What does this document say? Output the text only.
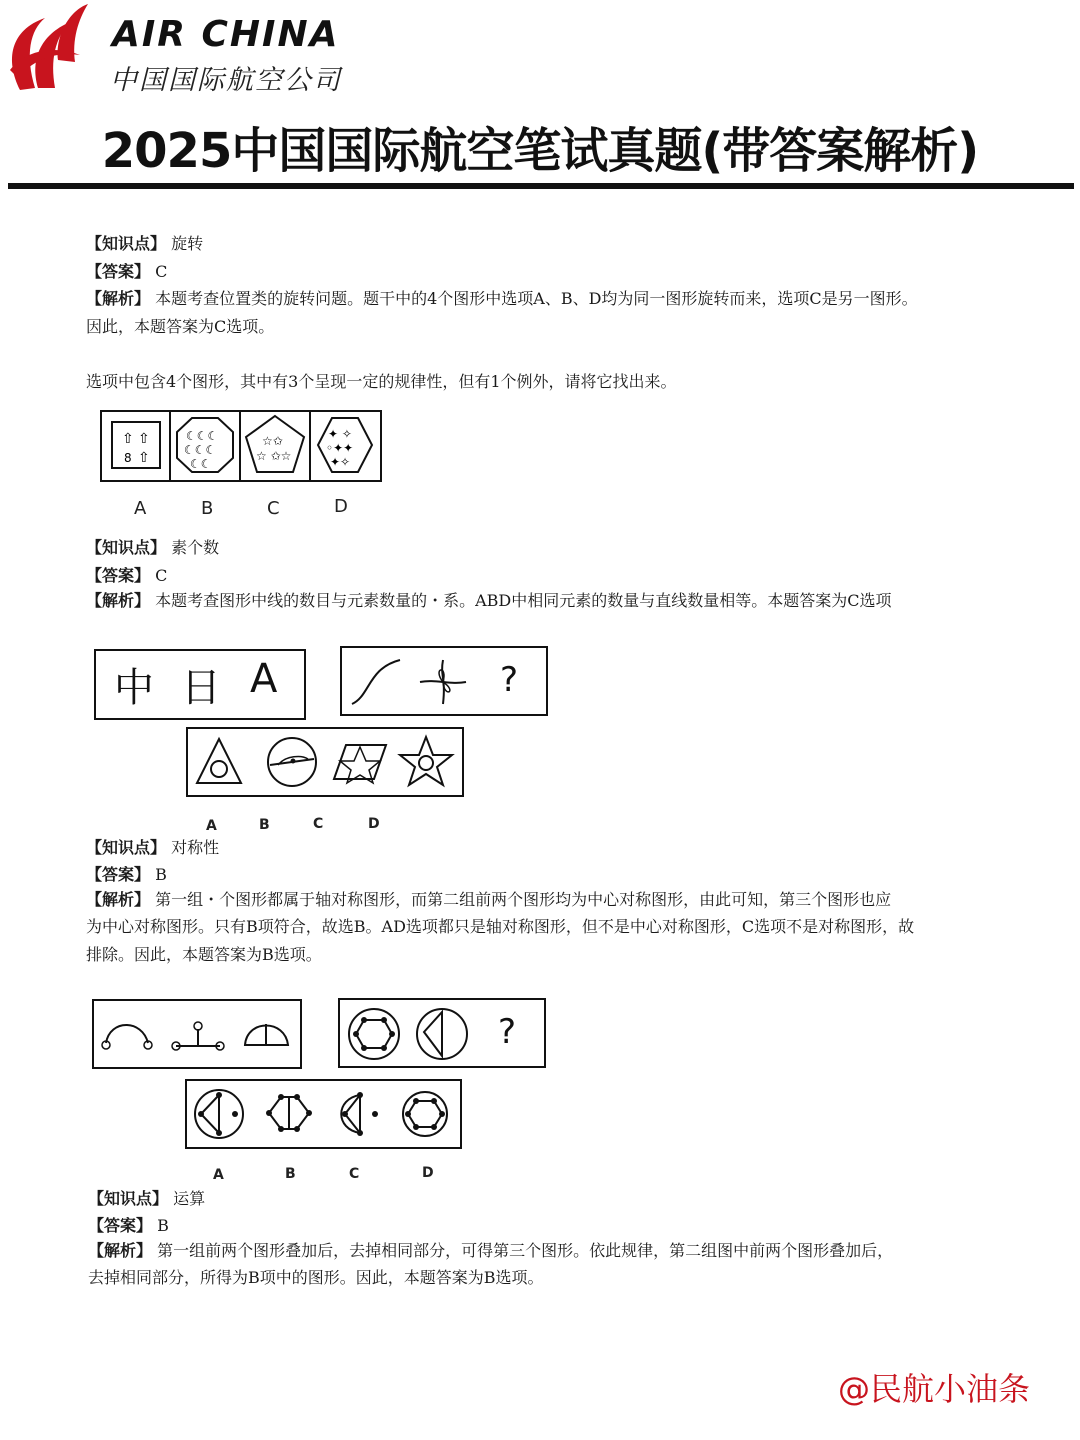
AIR CHINA
中国国际航空公司
2025中国国际航空笔试真题(带答案解析)
【知识点】 旋转
【答案】 C
【解析】 本题考查位置类的旋转问题。题干中的4个图形中选项A、B、D均为同一图形旋转而来，选项C是另一图形。
因此，本题答案为C选项。
选项中包含4个图形，其中有3个呈现一定的规律性，但有1个例外，请将它找出来。
⇧ ⇧
8 ⇧
☾☾☾
☾☾☾
☾☾
☆✩
☆ ✩☆
✦ ✧
◦✦✦
✦✧
A	B	C	D
【知识点】 素个数
【答案】 C
【解析】 本题考查图形中线的数目与元素数量的・系。ABD中相同元素的数量与直线数量相等。本题答案为C选项
中 日 A	?
A	B	C	D
【知识点】 对称性
【答案】 B
【解析】 第一组・个图形都属于轴对称图形，而第二组前两个图形均为中心对称图形，由此可知，第三个图形也应
为中心对称图形。只有B项符合，故选B。AD选项都只是轴对称图形，但不是中心对称图形，C选项不是对称图形，故
排除。因此，本题答案为B选项。
?
A	B	C	D
【知识点】 运算
【答案】 B
【解析】 第一组前两个图形叠加后，去掉相同部分，可得第三个图形。依此规律，第二组图中前两个图形叠加后，
去掉相同部分，所得为B项中的图形。因此，本题答案为B选项。
@民航小油条
